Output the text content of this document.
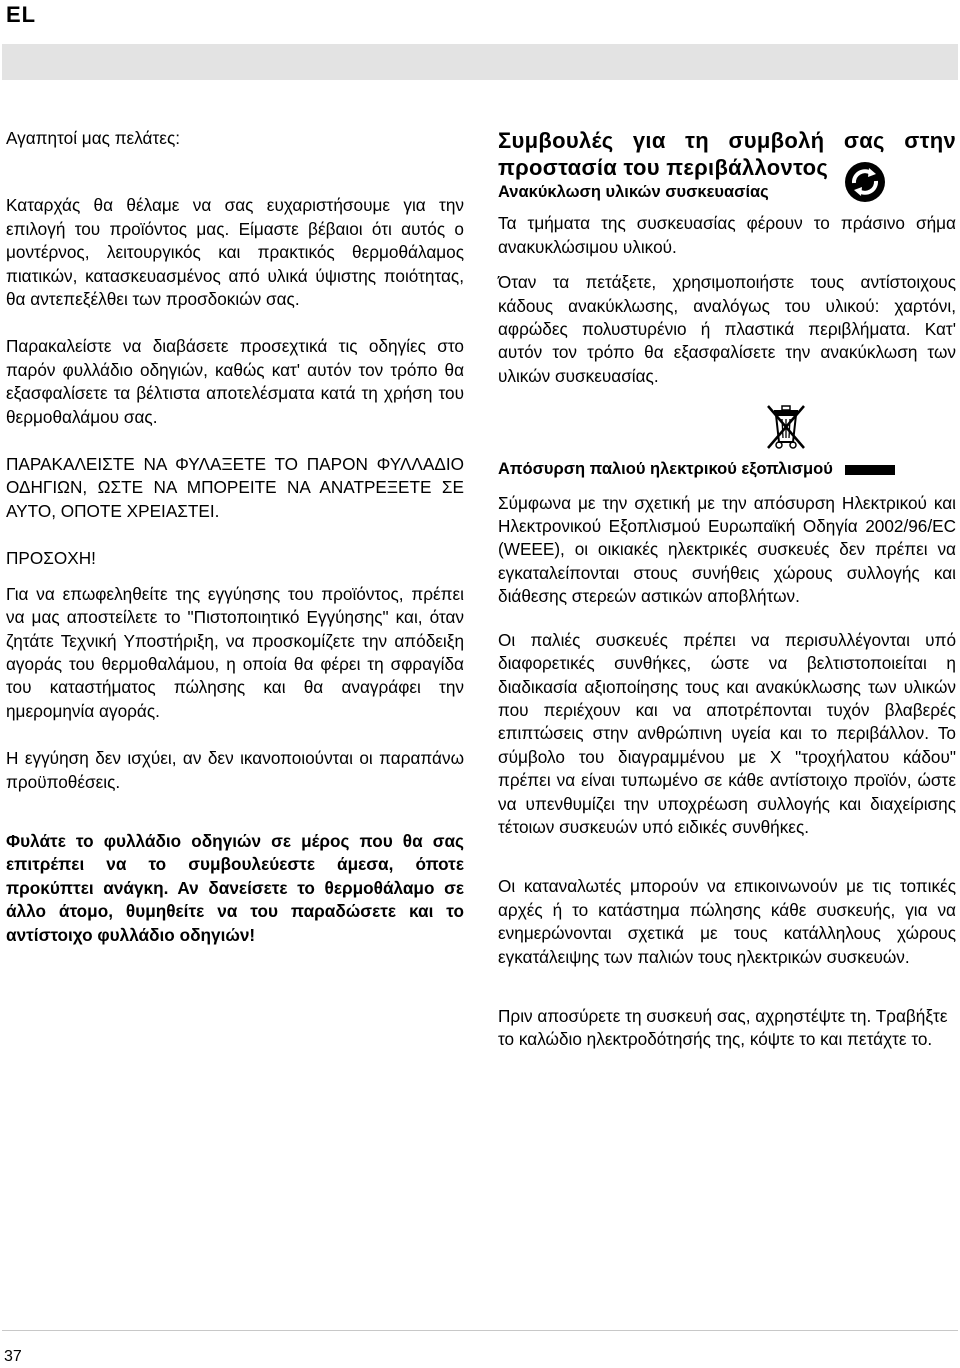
EL

Αγαπητοί μας πελάτες:

Καταρχάς θα θέλαμε να σας ευχαριστήσουμε για την επιλογή του προϊόντος μας. Είμαστε βέβαιοι ότι αυτός ο μοντέρνος, λειτουργικός και πρακτικός θερμοθάλαμος πιατικών, κατασκευασμένος από υλικά ύψιστης ποιότητας, θα αντεπεξέλθει των προσδοκιών σας.

Παρακαλείστε να διαβάσετε προσεχτικά τις οδηγίες στο παρόν φυλλάδιο οδηγιών, καθώς κατ' αυτόν τον τρόπο θα εξασφαλίσετε τα βέλτιστα αποτελέσματα κατά τη χρήση του θερμοθαλάμου σας.

ΠΑΡΑΚΑΛΕΙΣΤΕ ΝΑ ΦΥΛΑΞΕΤΕ ΤΟ ΠΑΡΟΝ ΦΥΛΛΑΔΙΟ ΟΔΗΓΙΩΝ, ΩΣΤΕ ΝΑ ΜΠΟΡΕΙΤΕ ΝΑ ΑΝΑΤΡΕΞΕΤΕ ΣΕ ΑΥΤΟ, ΟΠΟΤΕ ΧΡΕΙΑΣΤΕΙ.

ΠΡΟΣΟΧΗ!

Για να επωφεληθείτε της εγγύησης του προϊόντος, πρέπει να μας αποστείλετε το "Πιστοποιητικό Εγγύησης" και, όταν ζητάτε Τεχνική Υποστήριξη, να προσκομίζετε την απόδειξη αγοράς του θερμοθαλάμου, η οποία θα φέρει τη σφραγίδα του καταστήματος πώλησης και θα αναγράφει την ημερομηνία αγοράς.

Η εγγύηση δεν ισχύει, αν δεν ικανοποιούνται οι παραπάνω προϋποθέσεις.

Φυλάτε το φυλλάδιο οδηγιών σε μέρος που θα σας επιτρέπει να το συμβουλεύεστε άμεσα, όποτε προκύπτει ανάγκη. Αν δανείσετε το θερμοθάλαμο σε άλλο άτομο, θυμηθείτε να του παραδώσετε και το αντίστοιχο φυλλάδιο οδηγιών!

Συμβουλές για τη συμβολή σας στην προστασία του περιβάλλοντος

Ανακύκλωση υλικών συσκευασίας

Τα τμήματα της συσκευασίας φέρουν το πράσινο σήμα ανακυκλώσιμου υλικού.

Όταν τα πετάξετε, χρησιμοποιήστε τους αντίστοιχους κάδους ανακύκλωσης, αναλόγως του υλικού: χαρτόνι, αφρώδες πολυστυρένιο ή πλαστικά περιβλήματα. Κατ' αυτόν τον τρόπο θα εξασφαλίσετε την ανακύκλωση των υλικών συσκευασίας.

Απόσυρση παλιού ηλεκτρικού εξοπλισμού

Σύμφωνα με την σχετική με την απόσυρση Ηλεκτρικού και Ηλεκτρονικού Εξοπλισμού Ευρωπαϊκή Οδηγία 2002/96/EC (WEEE), οι οικιακές ηλεκτρικές συσκευές δεν πρέπει να εγκαταλείπονται στους συνήθεις χώρους συλλογής και διάθεσης στερεών αστικών αποβλήτων.

Οι παλιές συσκευές πρέπει να περισυλλέγονται υπό διαφορετικές συνθήκες, ώστε να βελτιστοποιείται η διαδικασία αξιοποίησης τους και ανακύκλωσης των υλικών που περιέχουν και να αποτρέπονται τυχόν βλαβερές επιπτώσεις στην ανθρώπινη υγεία και το περιβάλλον. Το σύμβολο του διαγραμμένου με Χ "τροχήλατου κάδου" πρέπει να είναι τυπωμένο σε κάθε αντίστοιχο προϊόν, ώστε να υπενθυμίζει την υποχρέωση συλλογής και διαχείρισης τέτοιων συσκευών υπό ειδικές συνθήκες.

Οι καταναλωτές μπορούν να επικοινωνούν με τις τοπικές αρχές ή το κατάστημα πώλησης κάθε συσκευής, για να ενημερώνονται σχετικά με τους κατάλληλους χώρους εγκατάλειψης των παλιών τους ηλεκτρικών συσκευών.

Πριν αποσύρετε τη συσκευή σας, αχρηστέψτε τη. Τραβήξτε το καλώδιο ηλεκτροδότησής της, κόψτε το και πετάχτε το.

37
